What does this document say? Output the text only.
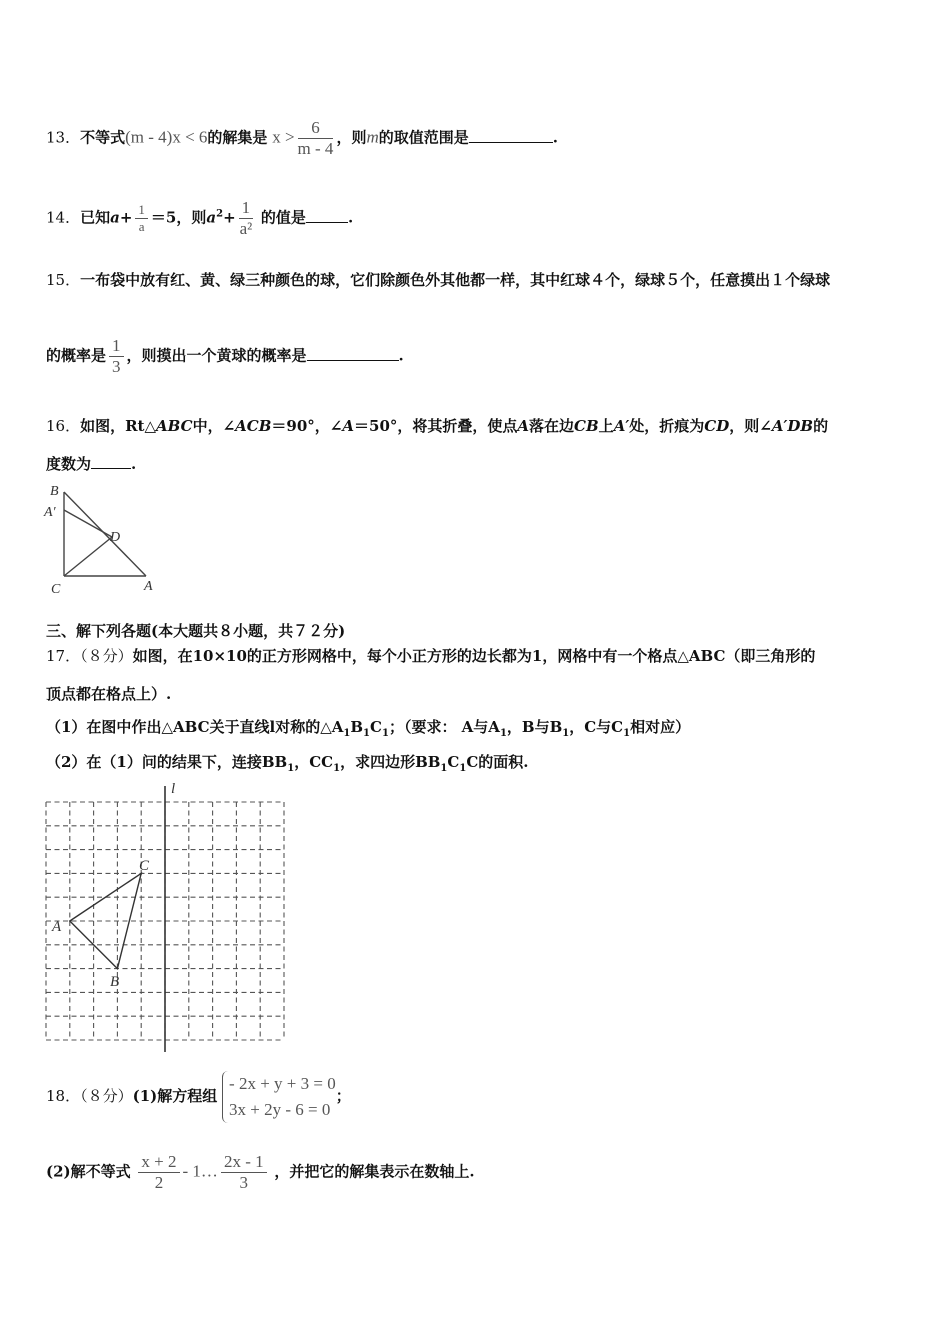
13．不等式(m - 4)x < 6的解集是 $x > \frac{6}{m - 4}$ ，则m的取值范围是	.
14．已知$a+ \frac{1}{a} =5$，则$a^2+ \frac{1}{\text{a²}}$ 的值是	.
15．一布袋中放有红、黄、绿三种颜色的球，它们除颜色外其他都一样，其中红球４个，绿球５个，任意摸出１个绿球
的概率是 $\frac{1}{3}$ ，则摸出一个黄球的概率是	.
16．如图，Rt△ABC中，∠ACB＝90°，∠A＝50°，将其折叠，使点A落在边CB上A′处，折痕为CD，则∠A′DB的
度数为	.
B
A′
D
C	A
三、解下列各题(本大题共８小题，共７２分)
17．（８分）如图，在10×10的正方形网格中，每个小正方形的边长都为1，网格中有一个格点△ABC（即三角形的
顶点都在格点上）.
（1）在图中作出△ABC关于直线l对称的$\triangle A_1B_1C_1$；（要求： A与$A_1$，B与$B_1$，C与$C_1$相对应）
（2）在（1）问的结果下，连接$BB_1$，$CC_1$，求四边形$BB_1C_1C$的面积.
l
A
B
C
18．（８分）(1)解方程组
- 2x + y + 3 = 0
3x + 2y - 6 = 0
；
(2)解不等式 $\frac{x + 2}{2}$ - 1… $\frac{2x - 1}{3}$ ，并把它的解集表示在数轴上.
